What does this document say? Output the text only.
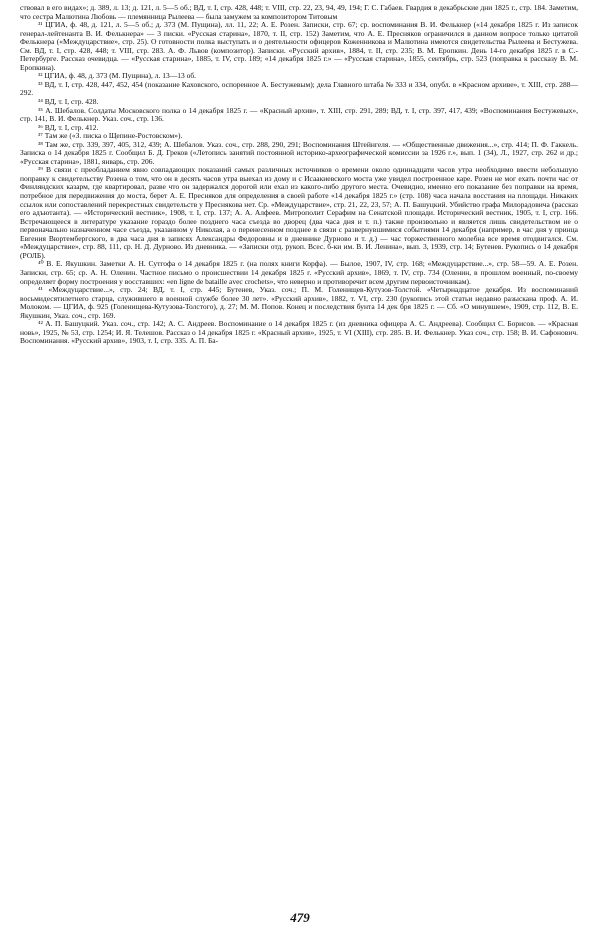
ствовал в его видах»; д. 389, л. 13; д. 121, л. 5—5 об.; ВД, т. I, стр. 428, 448; т. VIII, стр. 22, 23, 94, 49, 194; Г. С. Габаев. Гвардия в декабрьские дни 1825 г., стр. 184. Заметим, что сестра Малютина Любовь — племянница Рылеева — была замужем за композитором Титовым

³¹ ЦГИА, ф. 48, д. 121, л. 5—5 об.; д. 373 (М. Пущина), лл. 11, 22; А. Е. Розен. Записки, стр. 67; ср. воспоминания В. И. Фелькнер («14 декабря 1825 г. Из записок генерал-лейтенанта В. И. Фелькнера» — 3 писки. «Русская старина», 1870, т. II, стр. 152) Заметим, что А. Е. Пресняков ограничился в данном вопросе только цитатой Фелькнера («Междуцарствие», стр. 25). О готовности полка выступать и о деятельности офицеров Коженникова и Малютина имеются свидетельства Рылеева и Бестужева. См. ВД, т. I, стр. 428, 448; т. VIII, стр. 283. А. Ф. Львов (композитор). Записки. «Русский архив», 1884, т. II, стр. 235; В. М. Еропкин. День 14-го декабря 1825 г. в С.-Петербурге. Рассказ очевидца. — «Русская старина», 1885, т. IV, стр. 189; «14 декабря 1825 г.» — «Русская старина», 1855, сентябрь, стр. 523 (поправка к рассказу В. М. Еропкина).

³² ЦГИА, ф. 48, д. 373 (М. Пущина), л. 13—13 об.

³³ ВД, т. I, стр. 428, 447, 452, 454 (показание Каховского, оспоренное А. Бестужевым); дела Главного штаба № 333 и 334, опубл. в «Красном архиве», т. XIII, стр. 288—292.

³⁴ ВД, т. I, стр. 428.

³⁵ А. Шебалов. Солдаты Московского полка о 14 декабря 1825 г. — «Красный архив», т. XIII, стр. 291, 289; ВД, т. I, стр. 397, 417, 439; «Воспоминания Бестужевых», стр. 141, В. И. Фелькнер. Указ. соч., стр. 136.

³⁶ ВД, т. I, стр. 412.

³⁷ Там же («З. писка о Щепине-Ростовском»).

³⁸ Там же, стр. 339, 397, 405, 312, 439; А. Шебалов. Указ. соч., стр. 288, 290, 291; Воспоминания Штейнгеля. — «Общественные движения...», стр. 414; П. Ф. Гаккель. Записка о 14 декабря 1825 г. Сообщил Б. Д. Греков («Летопись занятий постоянной историко-археографической комиссии за 1926 г.», вып. 1 (34), Л., 1927, стр. 262 и др.; «Русская старина», 1881, январь, стр. 206.

³⁹ В связи с преобладанием явно совпадающих показаний самых различных источников о времени около одиннадцати часов утра необходимо ввести небольшую поправку к свидетельству Розена о том, что он в десять часов утра выехал из дому и с Исаакиевского моста уже увидел построенное каре. Розен не мог ехать почти час от Финляндских казарм, где квартировал, разве что он задержался дорогой или ехал из какого-либо другого места. Очевидно, именно его показание без поправки на время, потребное для передвижения до моста, берет А. Е. Пресняков для определения в своей работе «14 декабря 1825 г.» (стр. 108) часа начала восстания на площади. Никаких ссылок или сопоставлений перекрестных свидетельств у Преснякова нет. Ср. «Междуцарствие», стр. 21, 22, 23, 57; А. П. Башуцкий. Убийство графа Милорадовича (рассказ его адъютанта). — «Исторический вестник», 1908, т. I, стр. 137; А. А. Алфеев. Митрополит Серафим на Сенатской площади. Исторический вестник, 1905, т. I, стр. 166. Встречающееся в литературе указание гораздо более позднего часа съезда во дворец (два часа дня и т. п.) также произвольно и является лишь свидетельством не о первоначально назначенном часе съезда, указанном у Николая, а о перенесенном позднее в связи с развернувшимися событиями 14 декабря (например, в час дня у принца Евгения Вюртембергского, в два часа дня в записях Александры Федоровны и в дневнике Дурново и т. д.) — час торжественного молебна все время отодвигался. См. «Междуцарствие», стр. 88, 111, ср. Н. Д. Дурново. Из дневника. — «Записки отд. рукоп. Всес. б-ки им. В. И. Ленина», вып. 3, 1939, стр. 14; Бутенев. Рукопись о 14 декабря (РОЛБ).

⁴⁰ В. Е. Якушкин. Заметки А. Н. Сутгофа о 14 декабря 1825 г. (на полях книги Корфа). — Былое, 1907, IV, стр. 168; «Междуцарствие...», стр. 58—59. А. Е. Розен. Записки, стр. 65; ср. А. Н. Оленин. Частное письмо о происшествии 14 декабря 1825 г. «Русский архив», 1869, т. IV, стр. 734 (Оленин, в прошлом военный, по-своему определяет форму построения у восставших: «en ligne de bataille avec crochets», что неверно и противоречит всем другим первоисточникам).

⁴¹ «Междуцарствие...», стр. 24; ВД, т. I, стр. 445; Бутенев, Указ. соч.; П. М. Голенищев-Кутузов-Толстой. «Четырнадцатое декабря. Из воспоминаний восьмидесятилетнего старца, служившего в военной службе более 30 лет». «Русский архив», 1882, т. VI, стр. 230 (рукопись этой статьи недавно разыскана проф. А. И. Молоком. — ЦГИА, ф. 925 (Голенищева-Кутузова-Толстого), д. 27; М. М. Попов. Конец и последствия бунта 14 дек бря 1825 г. — Сб. «О минувшем», 1909, стр. 112, В. Е. Якушкин, Указ. соч., стр. 169.

⁴² А. П. Башуцкий. Указ. соч., стр. 142; А. С. Андреев. Воспоминание о 14 декабря 1825 г. (из дневника офицера А. С. Андреева). Сообщил С. Борисов. — «Красная новь», 1925, № 53, стр. 1254; И. Я. Телешов. Рассказ о 14 декабря 1825 г. «Красный архив», 1925, т. VI (XIII), стр. 285. В. И. Фелькнер. Указ соч., стр. 158; В. И. Сафонович. Воспоминания. «Русский архив», 1903, т. I, стр. 335. А. П. Ба-

479
